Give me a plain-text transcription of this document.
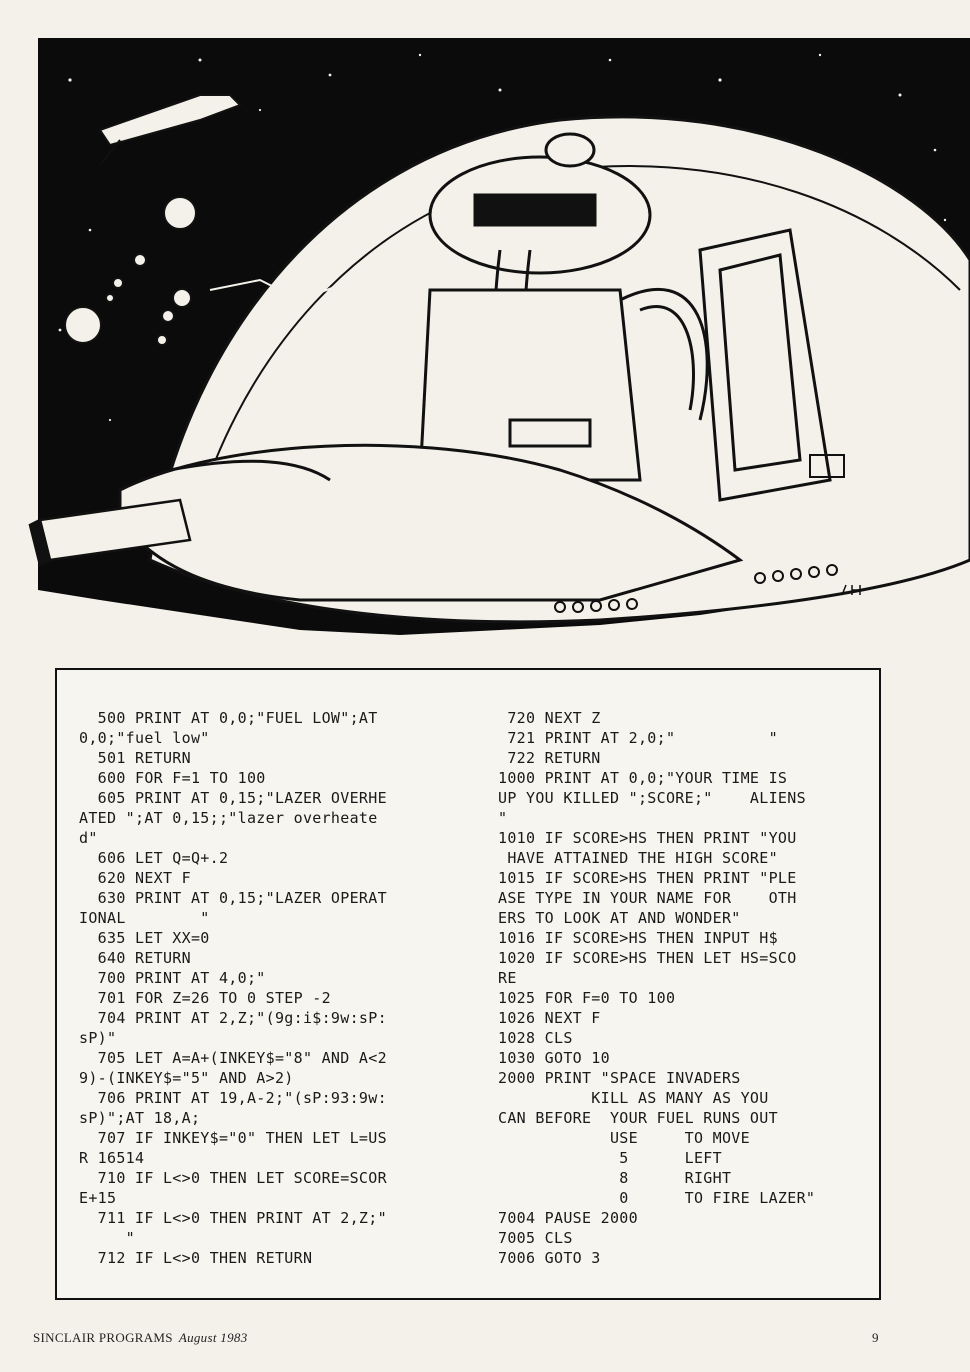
500 PRINT AT 0,0;"FUEL LOW";AT
0,0;"fuel low"
501 RETURN
600 FOR F=1 TO 100
605 PRINT AT 0,15;"LAZER OVERHE
ATED ";AT 0,15;;"lazer overheate
d"
606 LET Q=Q+.2
620 NEXT F
630 PRINT AT 0,15;"LAZER OPERAT
IONAL        "
635 LET XX=0
640 RETURN
700 PRINT AT 4,0;"
701 FOR Z=26 TO 0 STEP -2
704 PRINT AT 2,Z;"(9g:i$:9w:sP:
sP)"
705 LET A=A+(INKEY$="8" AND A<2
9)-(INKEY$="5" AND A>2)
706 PRINT AT 19,A-2;"(sP:93:9w:
sP)";AT 18,A;
707 IF INKEY$="0" THEN LET L=US
R 16514
710 IF L<>0 THEN LET SCORE=SCOR
E+15
711 IF L<>0 THEN PRINT AT 2,Z;"
"
712 IF L<>0 THEN RETURN
720 NEXT Z
721 PRINT AT 2,0;"          "
722 RETURN
1000 PRINT AT 0,0;"YOUR TIME IS
UP YOU KILLED ";SCORE;"    ALIENS
"
1010 IF SCORE>HS THEN PRINT "YOU
HAVE ATTAINED THE HIGH SCORE"
1015 IF SCORE>HS THEN PRINT "PLE
ASE TYPE IN YOUR NAME FOR    OTH
ERS TO LOOK AT AND WONDER"
1016 IF SCORE>HS THEN INPUT H$
1020 IF SCORE>HS THEN LET HS=SCO
RE
1025 FOR F=0 TO 100
1026 NEXT F
1028 CLS
1030 GOTO 10
2000 PRINT "SPACE INVADERS
KILL AS MANY AS YOU
CAN BEFORE  YOUR FUEL RUNS OUT
USE     TO MOVE
5      LEFT
8      RIGHT
0      TO FIRE LAZER"
7004 PAUSE 2000
7005 CLS
7006 GOTO 3
SINCLAIR PROGRAMS August 1983	9
